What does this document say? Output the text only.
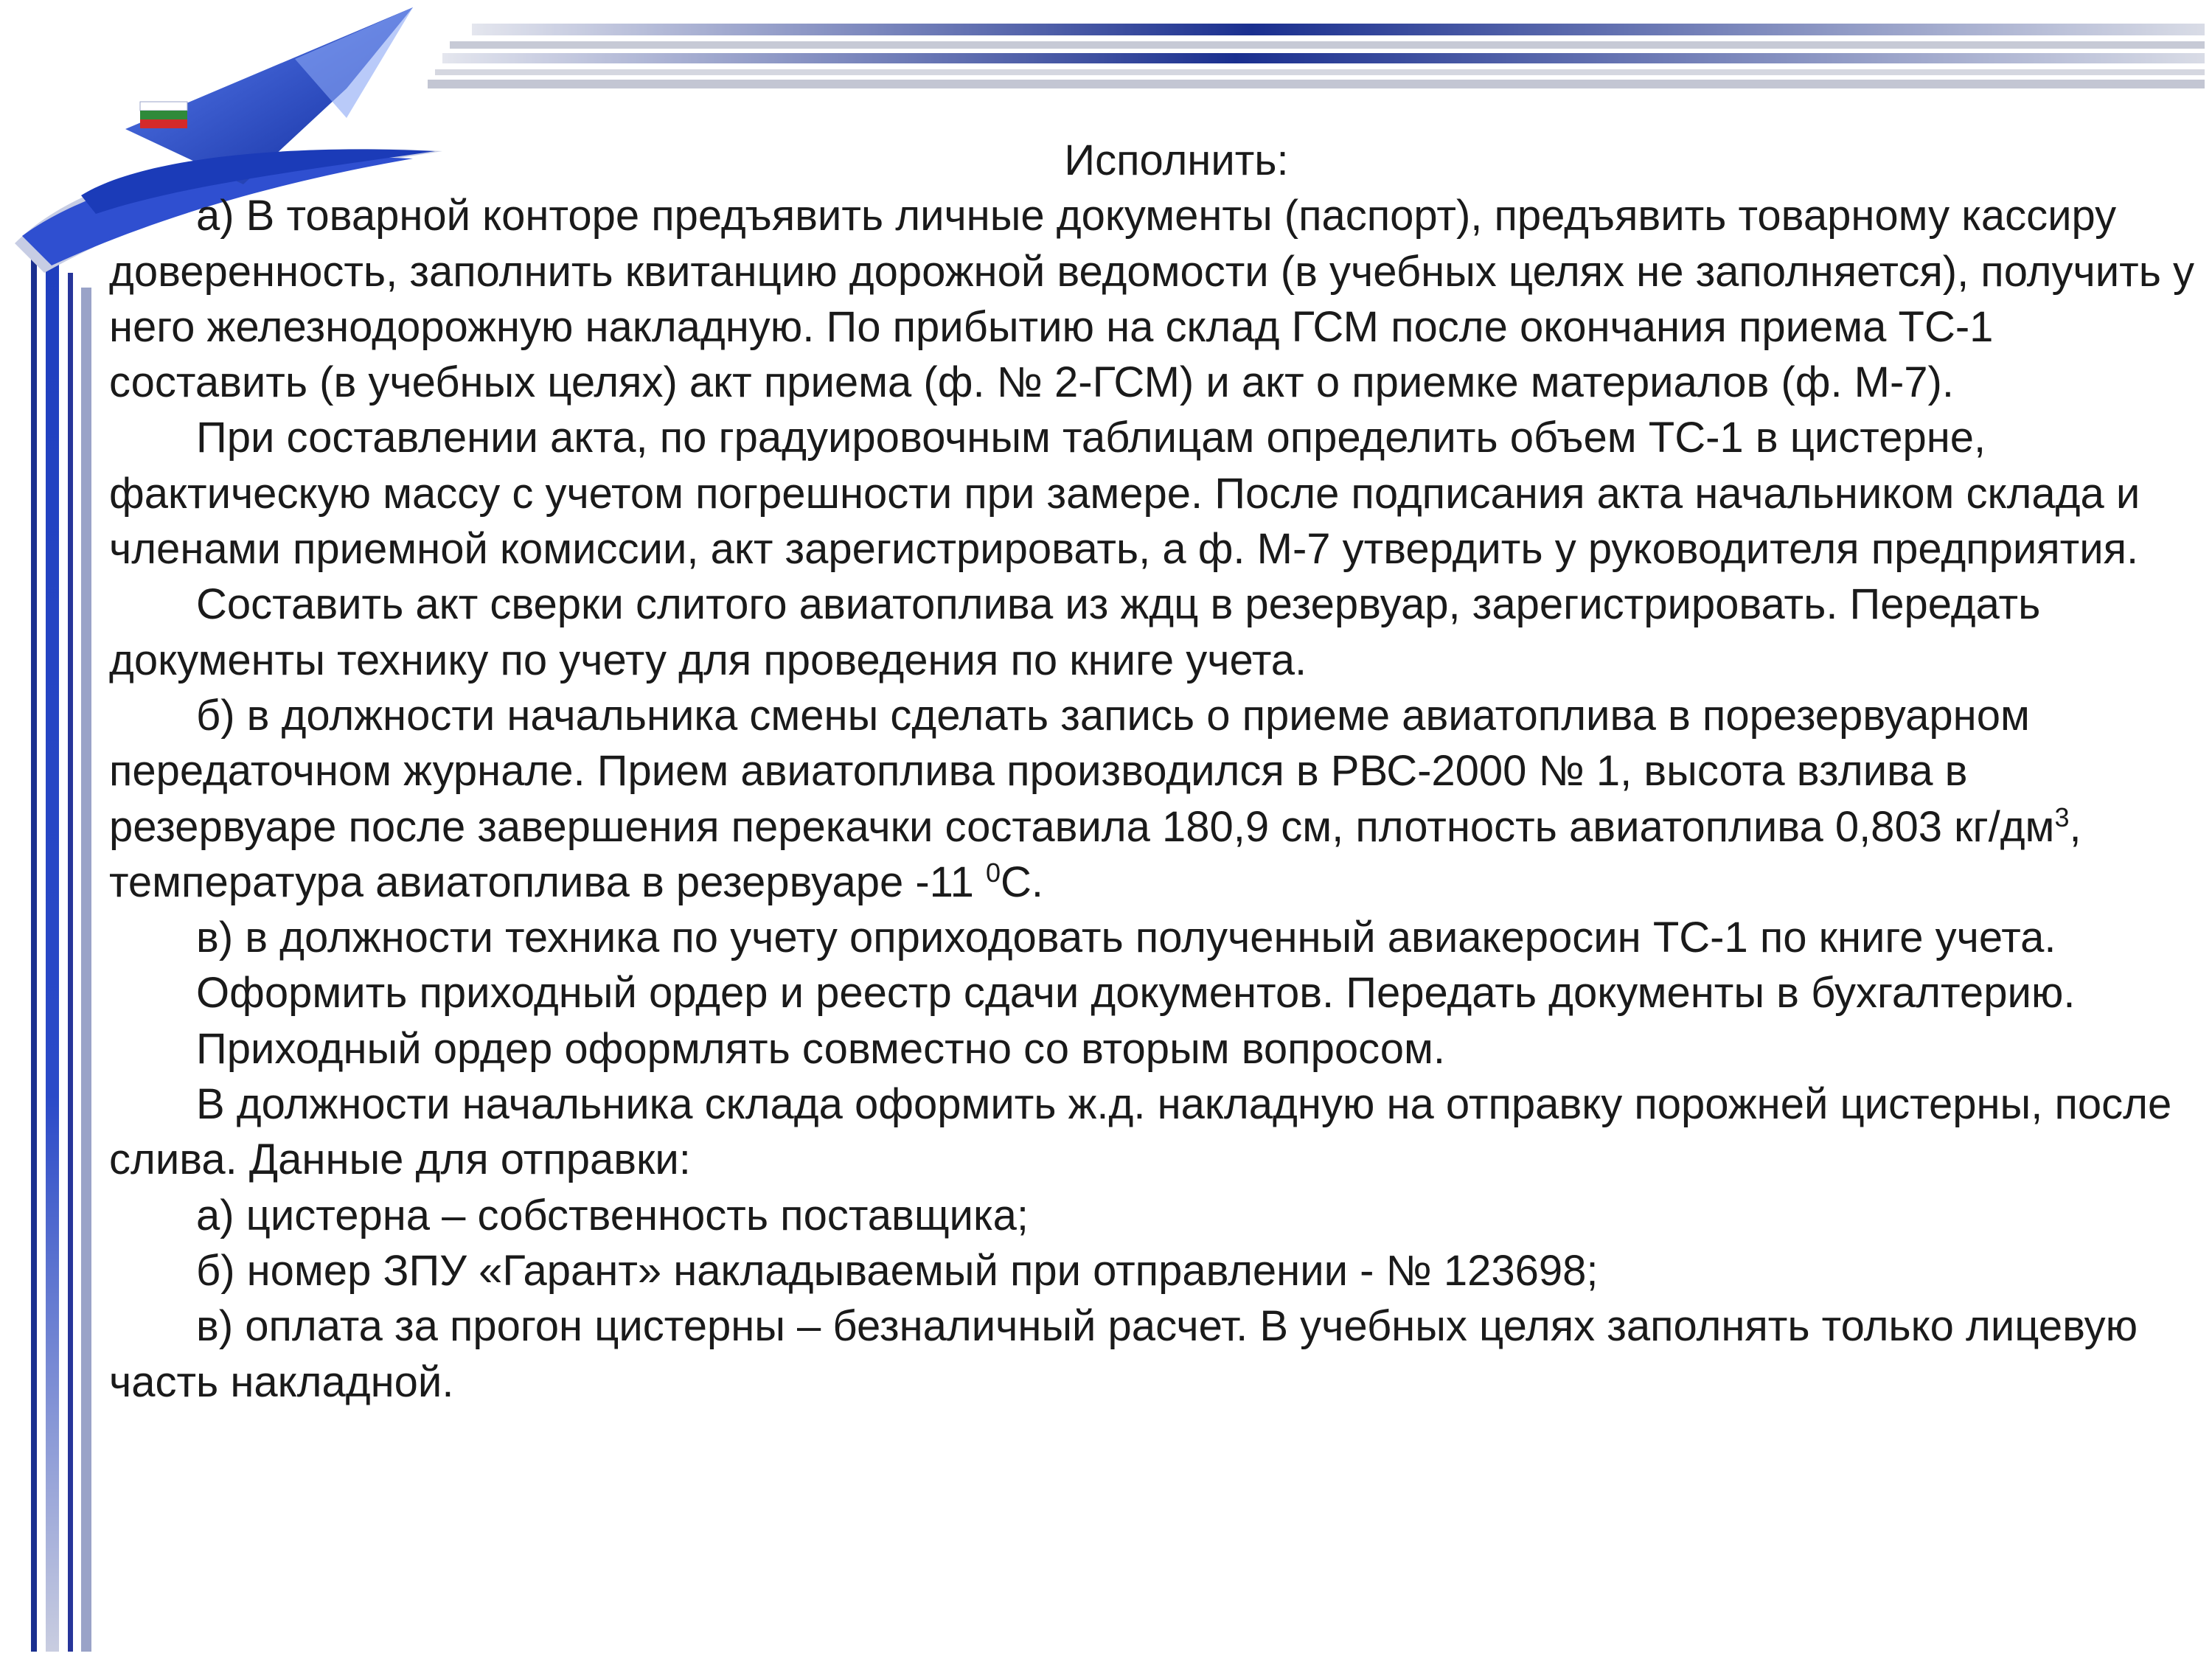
Исполнить:

а) В товарной конторе предъявить личные документы (паспорт), предъявить товарному кассиру доверенность, заполнить квитанцию дорожной ведомости (в учебных целях не заполняется), получить у него железнодорожную накладную. По прибытию на склад ГСМ после окончания приема ТС-1 составить (в учебных целях) акт приема (ф. № 2-ГСМ) и акт о приемке материалов (ф. М-7).

При составлении акта, по градуировочным таблицам определить объем ТС-1 в цистерне, фактическую массу с учетом погрешности при замере. После подписания акта начальником склада и членами приемной комиссии, акт зарегистрировать, а ф. М-7 утвердить у руководителя предприятия.

Составить акт сверки слитого авиатоплива из ждц в резервуар, зарегистрировать. Передать документы технику по учету для проведения по книге учета.

б) в должности начальника смены сделать запись о приеме авиатоплива в порезервуарном передаточном журнале. Прием авиатоплива производился в РВС-2000 № 1, высота взлива в резервуаре после завершения перекачки составила 180,9 см, плотность авиатоплива 0,803 $кг/дм^3$, температура авиатоплива в резервуаре -11 $^0$С.

в) в должности техника по учету оприходовать полученный авиакеросин ТС-1 по книге учета.

Оформить приходный ордер и реестр сдачи документов. Передать документы в бухгалтерию.

Приходный ордер оформлять совместно со вторым вопросом.

В должности начальника склада оформить ж.д. накладную на отправку порожней цистерны, после слива. Данные для отправки:

а) цистерна – собственность поставщика;

б) номер ЗПУ «Гарант» накладываемый при отправлении - № 123698;

в) оплата за прогон цистерны – безналичный расчет. В учебных целях заполнять только лицевую часть накладной.
